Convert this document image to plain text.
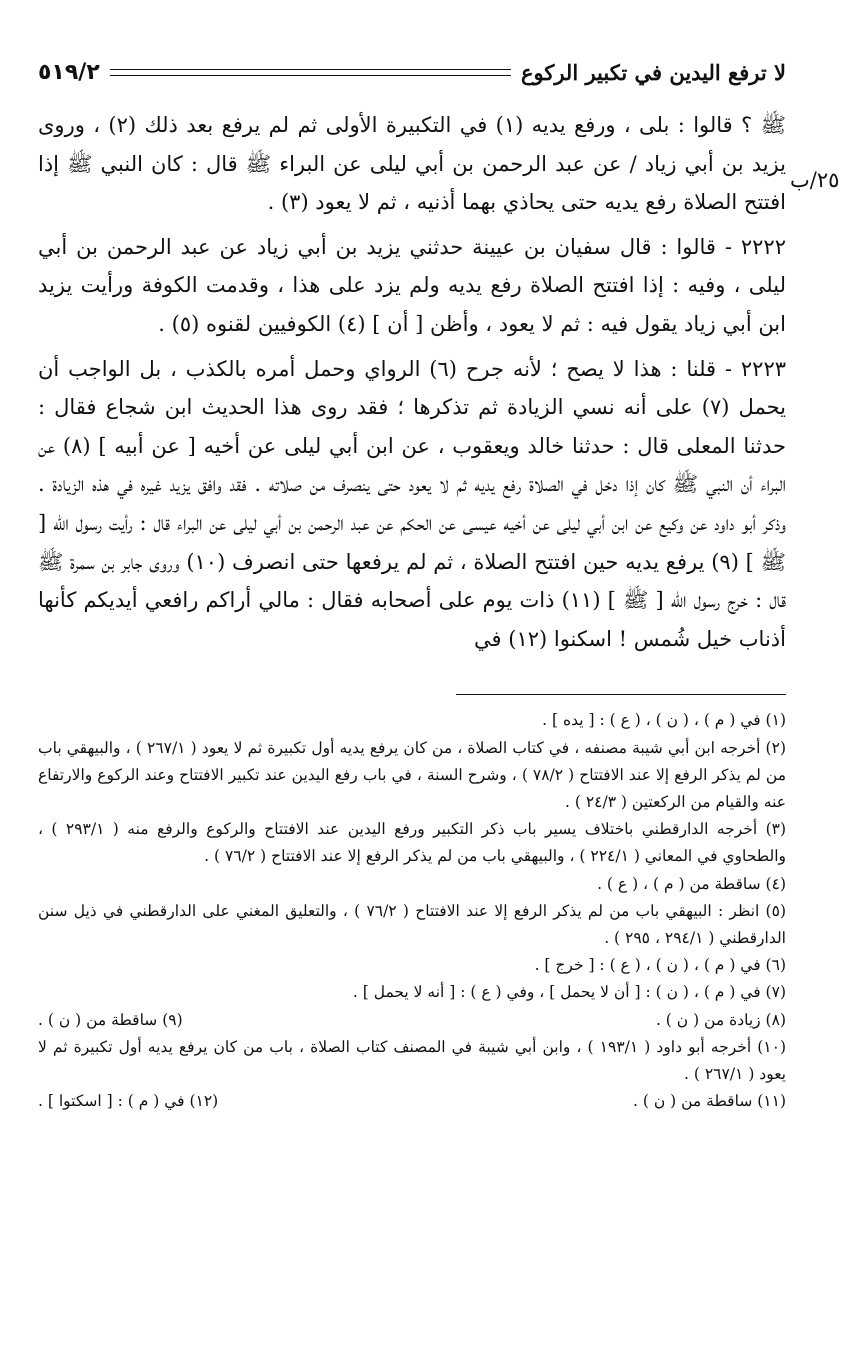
٢٥/ب
لا ترفع اليدين في تكبير الركوع
٥١٩/٢

ﷺ ؟ قالوا : بلى ، ورفع يديه (١) في التكبيرة الأولى ثم لم يرفع بعد ذلك (٢) ، وروى يزيد بن أبي زياد / عن عبد الرحمن بن أبي ليلى عن البراء ﷺ قال : كان النبي ﷺ إذا افتتح الصلاة رفع يديه حتى يحاذي بهما أذنيه ، ثم لا يعود (٣) .

٢٢٢٢ - قالوا : قال سفيان بن عيينة حدثني يزيد بن أبي زياد عن عبد الرحمن بن أبي ليلى ، وفيه : إذا افتتح الصلاة رفع يديه ولم يزد على هذا ، وقدمت الكوفة ورأيت يزيد ابن أبي زياد يقول فيه : ثم لا يعود ، وأظن [ أن ] (٤) الكوفيين لقنوه (٥) .

٢٢٢٣ - قلنا : هذا لا يصح ؛ لأنه جرح (٦) الرواي وحمل أمره بالكذب ، بل الواجب أن يحمل (٧) على أنه نسي الزيادة ثم تذكرها ؛ فقد روى هذا الحديث ابن شجاع فقال : حدثنا المعلى قال : حدثنا خالد ويعقوب ، عن ابن أبي ليلى عن أخيه [ عن أبيه ] (٨) عن البراء أن النبي ﷺ كان إذا دخل في الصلاة رفع يديه ثم لا يعود حتى ينصرف من صلاته . فقد وافق يزيد غيره في هذه الزيادة . وذكر أبو داود عن وكيع عن ابن أبي ليلى عن أخيه عيسى عن الحكم عن عبد الرحمن بن أبي ليلى عن البراء قال : رأيت رسول الله [ ﷺ ] (٩) يرفع يديه حين افتتح الصلاة ، ثم لم يرفعها حتى انصرف (١٠) وروى جابر بن سمرة ﷺ قال : خرج رسول الله [ ﷺ ] (١١) ذات يوم على أصحابه فقال : مالي أراكم رافعي أيديكم كأنها أذناب خيل شُمس ! اسكنوا (١٢) في

(١) في ( م ) ، ( ن ) ، ( ع ) : [ يده ] .

(٢) أخرجه ابن أبي شيبة مصنفه ، في كتاب الصلاة ، من كان يرفع يديه أول تكبيرة ثم لا يعود ( ٢٦٧/١ ) ، والبيهقي باب من لم يذكر الرفع إلا عند الافتتاح ( ٧٨/٢ ) ، وشرح السنة ، في باب رفع اليدين عند تكبير الافتتاح وعند الركوع والارتفاع عنه والقيام من الركعتين ( ٢٤/٣ ) .

(٣) أخرجه الدارقطني باختلاف يسير باب ذكر التكبير ورفع اليدين عند الافتتاح والركوع والرفع منه ( ٢٩٣/١ ) ، والطحاوي في المعاني ( ٢٢٤/١ ) ، والبيهقي باب من لم يذكر الرفع إلا عند الافتتاح ( ٧٦/٢ ) .

(٤) ساقطة من ( م ) ، ( ع ) .

(٥) انظر : البيهقي باب من لم يذكر الرفع إلا عند الافتتاح ( ٧٦/٢ ) ، والتعليق المغني على الدارقطني في ذيل سنن الدارقطني ( ٢٩٤/١ ، ٢٩٥ ) .

(٦) في ( م ) ، ( ن ) ، ( ع ) : [ خرج ] .

(٧) في ( م ) ، ( ن ) : [ أن لا يحمل ] ، وفي ( ع ) : [ أنه لا يحمل ] .

(٨) زيادة من ( ن ) .
(٩) ساقطة من ( ن ) .

(١٠) أخرجه أبو داود ( ١٩٣/١ ) ، وابن أبي شيبة في المصنف كتاب الصلاة ، باب من كان يرفع يديه أول تكبيرة ثم لا يعود ( ٢٦٧/١ ) .

(١١) ساقطة من ( ن ) .
(١٢) في ( م ) : [ اسكتوا ] .
